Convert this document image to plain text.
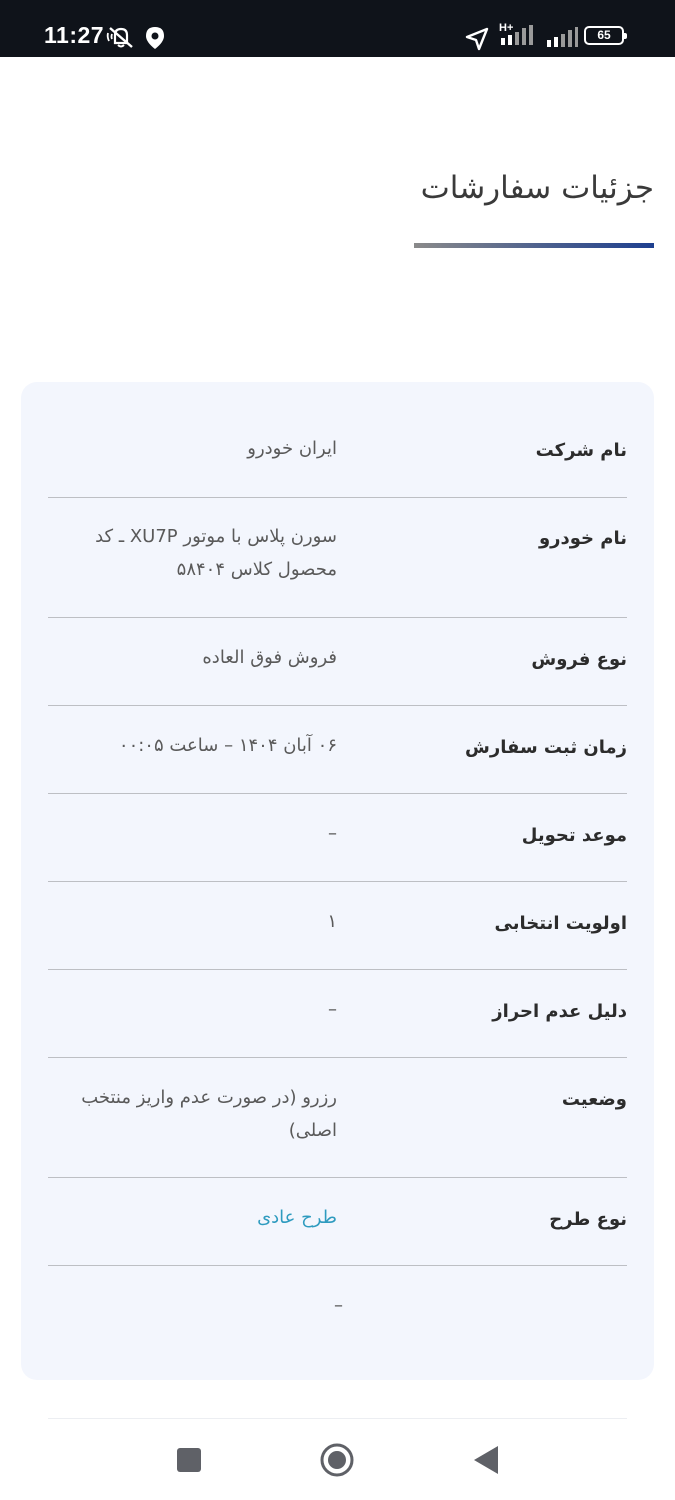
11:27	H+	65
جزئیات سفارشات
نام شرکت
ایران خودرو
نام خودرو
سورن پلاس با موتور XU7P ـ کد محصول کلاس ۵۸۴۰۴
نوع فروش
فروش فوق العاده
زمان ثبت سفارش
۰۶ آبان ۱۴۰۴ – ساعت ۰۰:۰۵
موعد تحویل
–
اولویت انتخابی
۱
دلیل عدم احراز
–
وضعیت
رزرو (در صورت عدم واریز منتخب اصلی)
نوع طرح
طرح عادی
–
